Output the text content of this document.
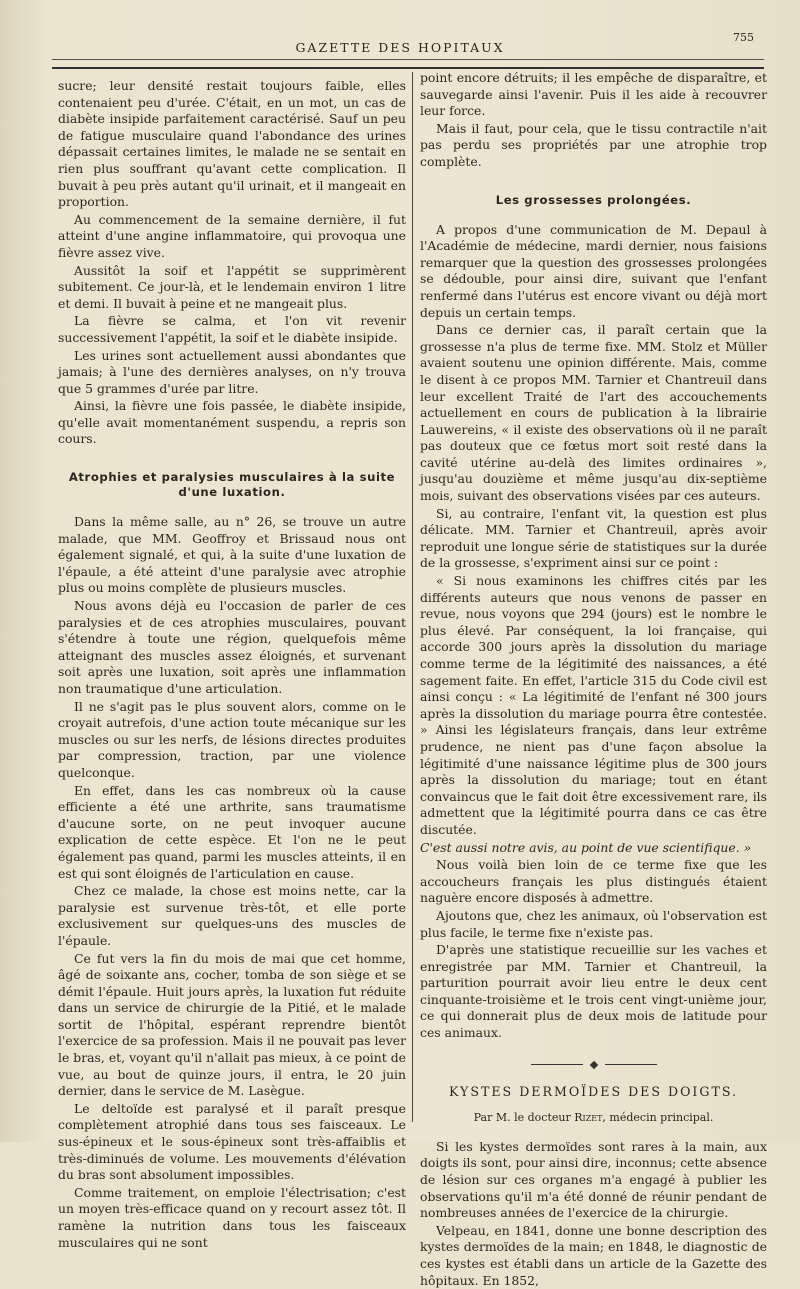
755
GAZETTE DES HOPITAUX

sucre; leur densité restait toujours faible, elles contenaient peu d'urée. C'était, en un mot, un cas de diabète insipide parfaitement caractérisé. Sauf un peu de fatigue musculaire quand l'abondance des urines dépassait certaines limites, le malade ne se sentait en rien plus souffrant qu'avant cette complication. Il buvait à peu près autant qu'il urinait, et il mangeait en proportion.

Au commencement de la semaine dernière, il fut atteint d'une angine inflammatoire, qui provoqua une fièvre assez vive.

Aussitôt la soif et l'appétit se supprimèrent subitement. Ce jour-là, et le lendemain environ 1 litre et demi. Il buvait à peine et ne mangeait plus.

La fièvre se calma, et l'on vit revenir successivement l'appétit, la soif et le diabète insipide.

Les urines sont actuellement aussi abondantes que jamais; à l'une des dernières analyses, on n'y trouva que 5 grammes d'urée par litre.

Ainsi, la fièvre une fois passée, le diabète insipide, qu'elle avait momentanément suspendu, a repris son cours.

Atrophies et paralysies musculaires à la suite d'une luxation.

Dans la même salle, au n° 26, se trouve un autre malade, que MM. Geoffroy et Brissaud nous ont également signalé, et qui, à la suite d'une luxation de l'épaule, a été atteint d'une paralysie avec atrophie plus ou moins complète de plusieurs muscles.

Nous avons déjà eu l'occasion de parler de ces paralysies et de ces atrophies musculaires, pouvant s'étendre à toute une région, quelquefois même atteignant des muscles assez éloignés, et survenant soit après une luxation, soit après une inflammation non traumatique d'une articulation.

Il ne s'agit pas le plus souvent alors, comme on le croyait autrefois, d'une action toute mécanique sur les muscles ou sur les nerfs, de lésions directes produites par compression, traction, par une violence quelconque.

En effet, dans les cas nombreux où la cause efficiente a été une arthrite, sans traumatisme d'aucune sorte, on ne peut invoquer aucune explication de cette espèce. Et l'on ne le peut également pas quand, parmi les muscles atteints, il en est qui sont éloignés de l'articulation en cause.

Chez ce malade, la chose est moins nette, car la paralysie est survenue très-tôt, et elle porte exclusivement sur quelques-uns des muscles de l'épaule.

Ce fut vers la fin du mois de mai que cet homme, âgé de soixante ans, cocher, tomba de son siège et se démit l'épaule. Huit jours après, la luxation fut réduite dans un service de chirurgie de la Pitié, et le malade sortit de l'hôpital, espérant reprendre bientôt l'exercice de sa profession. Mais il ne pouvait pas lever le bras, et, voyant qu'il n'allait pas mieux, à ce point de vue, au bout de quinze jours, il entra, le 20 juin dernier, dans le service de M. Lasègue.

Le deltoïde est paralysé et il paraît presque complètement atrophié dans tous ses faisceaux. Le sus-épineux et le sous-épineux sont très-affaiblis et très-diminués de volume. Les mouvements d'élévation du bras sont absolument impossibles.

Comme traitement, on emploie l'électrisation; c'est un moyen très-efficace quand on y recourt assez tôt. Il ramène la nutrition dans tous les faisceaux musculaires qui ne sont

point encore détruits; il les empêche de disparaître, et sauvegarde ainsi l'avenir. Puis il les aide à recouvrer leur force.

Mais il faut, pour cela, que le tissu contractile n'ait pas perdu ses propriétés par une atrophie trop complète.

Les grossesses prolongées.

A propos d'une communication de M. Depaul à l'Académie de médecine, mardi dernier, nous faisions remarquer que la question des grossesses prolongées se dédouble, pour ainsi dire, suivant que l'enfant renfermé dans l'utérus est encore vivant ou déjà mort depuis un certain temps.

Dans ce dernier cas, il paraît certain que la grossesse n'a plus de terme fixe. MM. Stolz et Müller avaient soutenu une opinion différente. Mais, comme le disent à ce propos MM. Tarnier et Chantreuil dans leur excellent Traité de l'art des accouchements actuellement en cours de publication à la librairie Lauwereins, « il existe des observations où il ne paraît pas douteux que ce fœtus mort soit resté dans la cavité utérine au-delà des limites ordinaires », jusqu'au douzième et même jusqu'au dix-septième mois, suivant des observations visées par ces auteurs.

Si, au contraire, l'enfant vit, la question est plus délicate. MM. Tarnier et Chantreuil, après avoir reproduit une longue série de statistiques sur la durée de la grossesse, s'expriment ainsi sur ce point :

« Si nous examinons les chiffres cités par les différents auteurs que nous venons de passer en revue, nous voyons que 294 (jours) est le nombre le plus élevé. Par conséquent, la loi française, qui accorde 300 jours après la dissolution du mariage comme terme de la légitimité des naissances, a été sagement faite. En effet, l'article 315 du Code civil est ainsi conçu : « La légitimité de l'enfant né 300 jours après la dissolution du mariage pourra être contestée. » Ainsi les législateurs français, dans leur extrême prudence, ne nient pas d'une façon absolue la légitimité d'une naissance légitime plus de 300 jours après la dissolution du mariage; tout en étant convaincus que le fait doit être excessivement rare, ils admettent que la légitimité pourra dans ce cas être discutée.

C'est aussi notre avis, au point de vue scientifique. »

Nous voilà bien loin de ce terme fixe que les accoucheurs français les plus distingués étaient naguère encore disposés à admettre.

Ajoutons que, chez les animaux, où l'observation est plus facile, le terme fixe n'existe pas.

D'après une statistique recueillie sur les vaches et enregistrée par MM. Tarnier et Chantreuil, la parturition pourrait avoir lieu entre le deux cent cinquante-troisième et le trois cent vingt-unième jour, ce qui donnerait plus de deux mois de latitude pour ces animaux.

KYSTES DERMOÏDES DES DOIGTS.
Par M. le docteur Rizet, médecin principal.

Si les kystes dermoïdes sont rares à la main, aux doigts ils sont, pour ainsi dire, inconnus; cette absence de lésion sur ces organes m'a engagé à publier les observations qu'il m'a été donné de réunir pendant de nombreuses années de l'exercice de la chirurgie.

Velpeau, en 1841, donne une bonne description des kystes dermoïdes de la main; en 1848, le diagnostic de ces kystes est établi dans un article de la Gazette des hôpitaux. En 1852,
